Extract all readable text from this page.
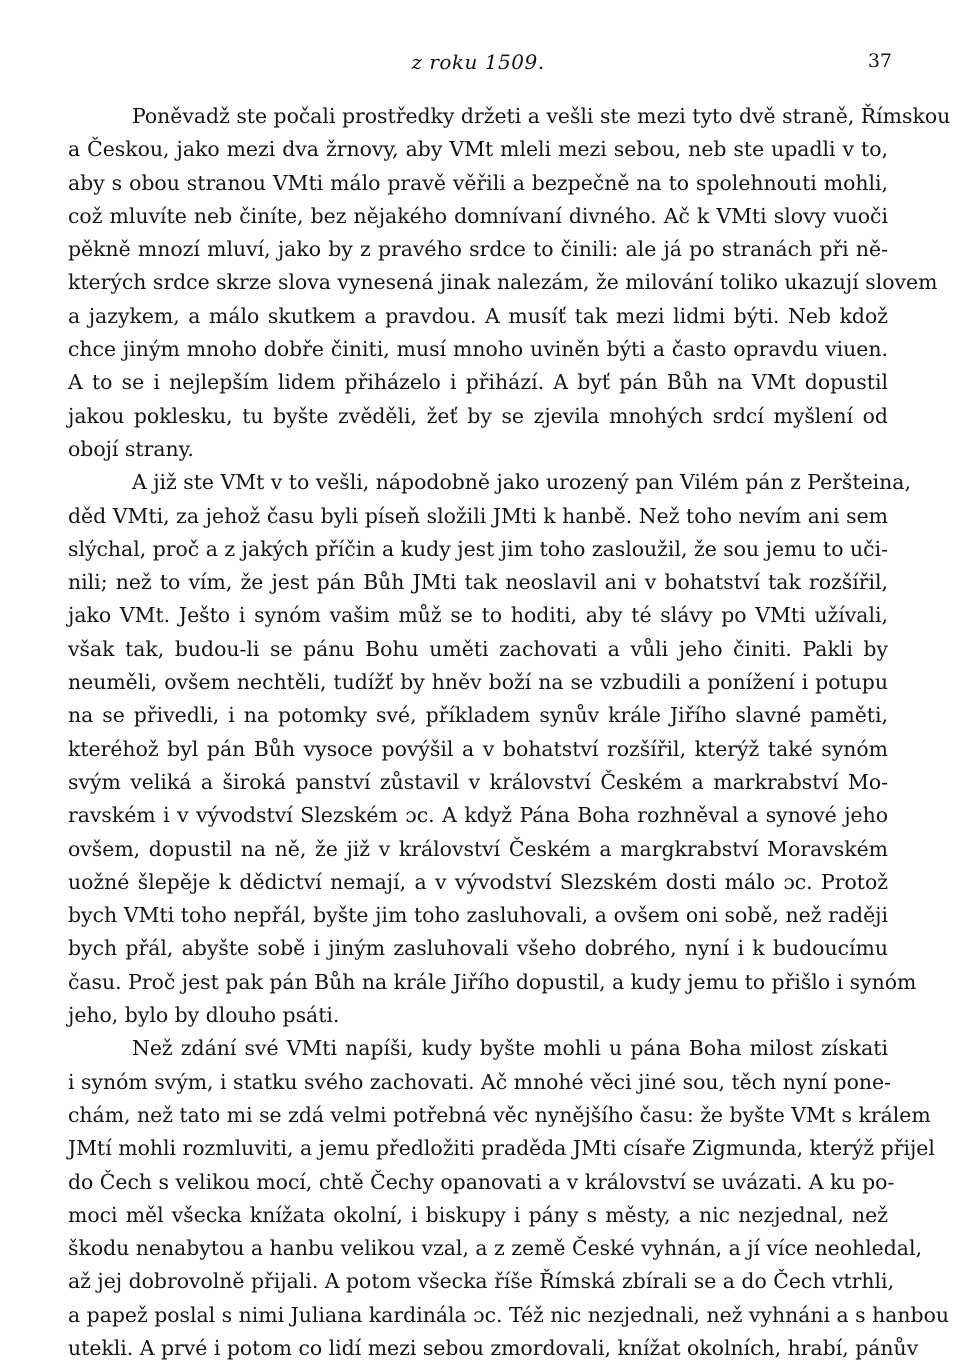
z roku 1509.	37
Poněvadž ste počali prostředky držeti a vešli ste mezi tyto dvě straně, Římskou
a Českou, jako mezi dva žrnovy, aby VMt mleli mezi sebou, neb ste upadli v to,
aby s obou stranou VMti málo pravě věřili a bezpečně na to spolehnouti mohli,
což mluvíte neb činíte, bez nějakého domnívaní divného. Ač k VMti slovy vuoči
pěkně mnozí mluví, jako by z pravého srdce to činili: ale já po stranách při ně-
kterých srdce skrze slova vynesená jinak nalezám, že milování toliko ukazují slovem
a jazykem, a málo skutkem a pravdou. A musíť tak mezi lidmi býti. Neb kdož
chce jiným mnoho dobře činiti, musí mnoho uviněn býti a často opravdu viuen.
A to se i nejlepším lidem přiházelo i přihází. A byť pán Bůh na VMt dopustil
jakou poklesku, tu byšte zvěděli, žeť by se zjevila mnohých srdcí myšlení od
obojí strany.
A již ste VMt v to vešli, nápodobně jako urozený pan Vilém pán z Peršteina,
děd VMti, za jehož času byli píseň složili JMti k hanbě. Než toho nevím ani sem
slýchal, proč a z jakých příčin a kudy jest jim toho zasloužil, že sou jemu to uči-
nili; než to vím, že jest pán Bůh JMti tak neoslavil ani v bohatství tak rozšířil,
jako VMt. Ješto i synóm vašim můž se to hoditi, aby té slávy po VMti užívali,
však tak, budou-li se pánu Bohu uměti zachovati a vůli jeho činiti. Pakli by
neuměli, ovšem nechtěli, tudížť by hněv boží na se vzbudili a ponížení i potupu
na se přivedli, i na potomky své, příkladem synův krále Jiřího slavné paměti,
kteréhož byl pán Bůh vysoce povýšil a v bohatství rozšířil, kterýž také synóm
svým veliká a široká panství zůstavil v království Českém a markrabství Mo-
ravském i v vývodství Slezském ɔc. A když Pána Boha rozhněval a synové jeho
ovšem, dopustil na ně, že již v království Českém a margkrabství Moravském
uožné šlepěje k dědictví nemají, a v vývodství Slezském dosti málo ɔc. Protož
bych VMti toho nepřál, byšte jim toho zasluhovali, a ovšem oni sobě, než raději
bych přál, abyšte sobě i jiným zasluhovali všeho dobrého, nyní i k budoucímu
času. Proč jest pak pán Bůh na krále Jiřího dopustil, a kudy jemu to přišlo i synóm
jeho, bylo by dlouho psáti.
Než zdání své VMti napíši, kudy byšte mohli u pána Boha milost získati
i synóm svým, i statku svého zachovati. Ač mnohé věci jiné sou, těch nyní pone-
chám, než tato mi se zdá velmi potřebná věc nynějšího času: že byšte VMt s králem
JMtí mohli rozmluviti, a jemu předložiti praděda JMti císaře Zigmunda, kterýž přijel
do Čech s velikou mocí, chtě Čechy opanovati a v království se uvázati. A ku po-
moci měl všecka knížata okolní, i biskupy i pány s městy, a nic nezjednal, než
škodu nenabytou a hanbu velikou vzal, a z země České vyhnán, a jí více neohledal,
až jej dobrovolně přijali. A potom všecka říše Římská zbírali se a do Čech vtrhli,
a papež poslal s nimi Juliana kardinála ɔc. Též nic nezjednali, než vyhnáni a s hanbou
utekli. A prvé i potom co lidí mezi sebou zmordovali, knížat okolních, hrabí, pánův
